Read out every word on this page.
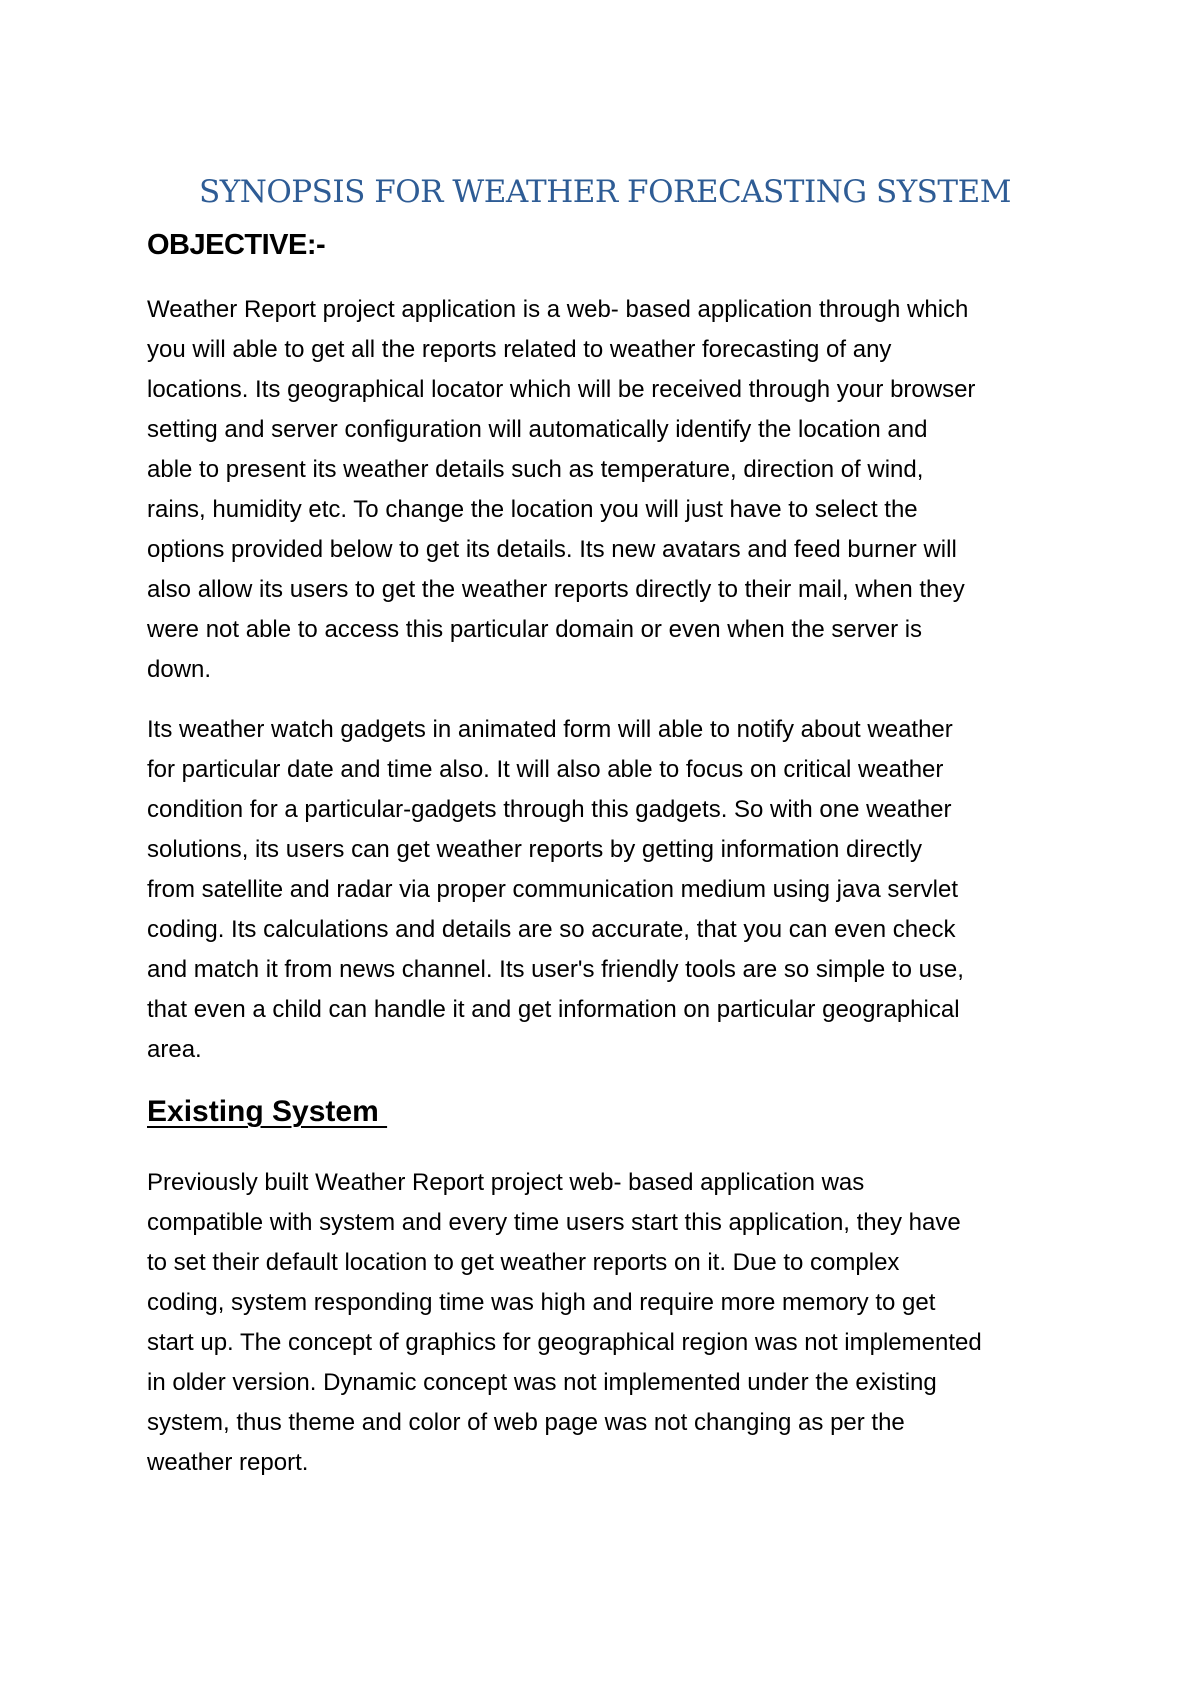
SYNOPSIS FOR WEATHER FORECASTING SYSTEM
OBJECTIVE:-
Weather Report project application is a web- based application through which
you will able to get all the reports related to weather forecasting of any
locations. Its geographical locator which will be received through your browser
setting and server configuration will automatically identify the location and
able to present its weather details such as temperature, direction of wind,
rains, humidity etc. To change the location you will just have to select the
options provided below to get its details. Its new avatars and feed burner will
also allow its users to get the weather reports directly to their mail, when they
were not able to access this particular domain or even when the server is
down.
Its weather watch gadgets in animated form will able to notify about weather
for particular date and time also. It will also able to focus on critical weather
condition for a particular-gadgets through this gadgets. So with one weather
solutions, its users can get weather reports by getting information directly
from satellite and radar via proper communication medium using java servlet
coding. Its calculations and details are so accurate, that you can even check
and match it from news channel. Its user's friendly tools are so simple to use,
that even a child can handle it and get information on particular geographical
area.
Existing System
Previously built Weather Report project web- based application was
compatible with system and every time users start this application, they have
to set their default location to get weather reports on it. Due to complex
coding, system responding time was high and require more memory to get
start up. The concept of graphics for geographical region was not implemented
in older version. Dynamic concept was not implemented under the existing
system, thus theme and color of web page was not changing as per the
weather report.
